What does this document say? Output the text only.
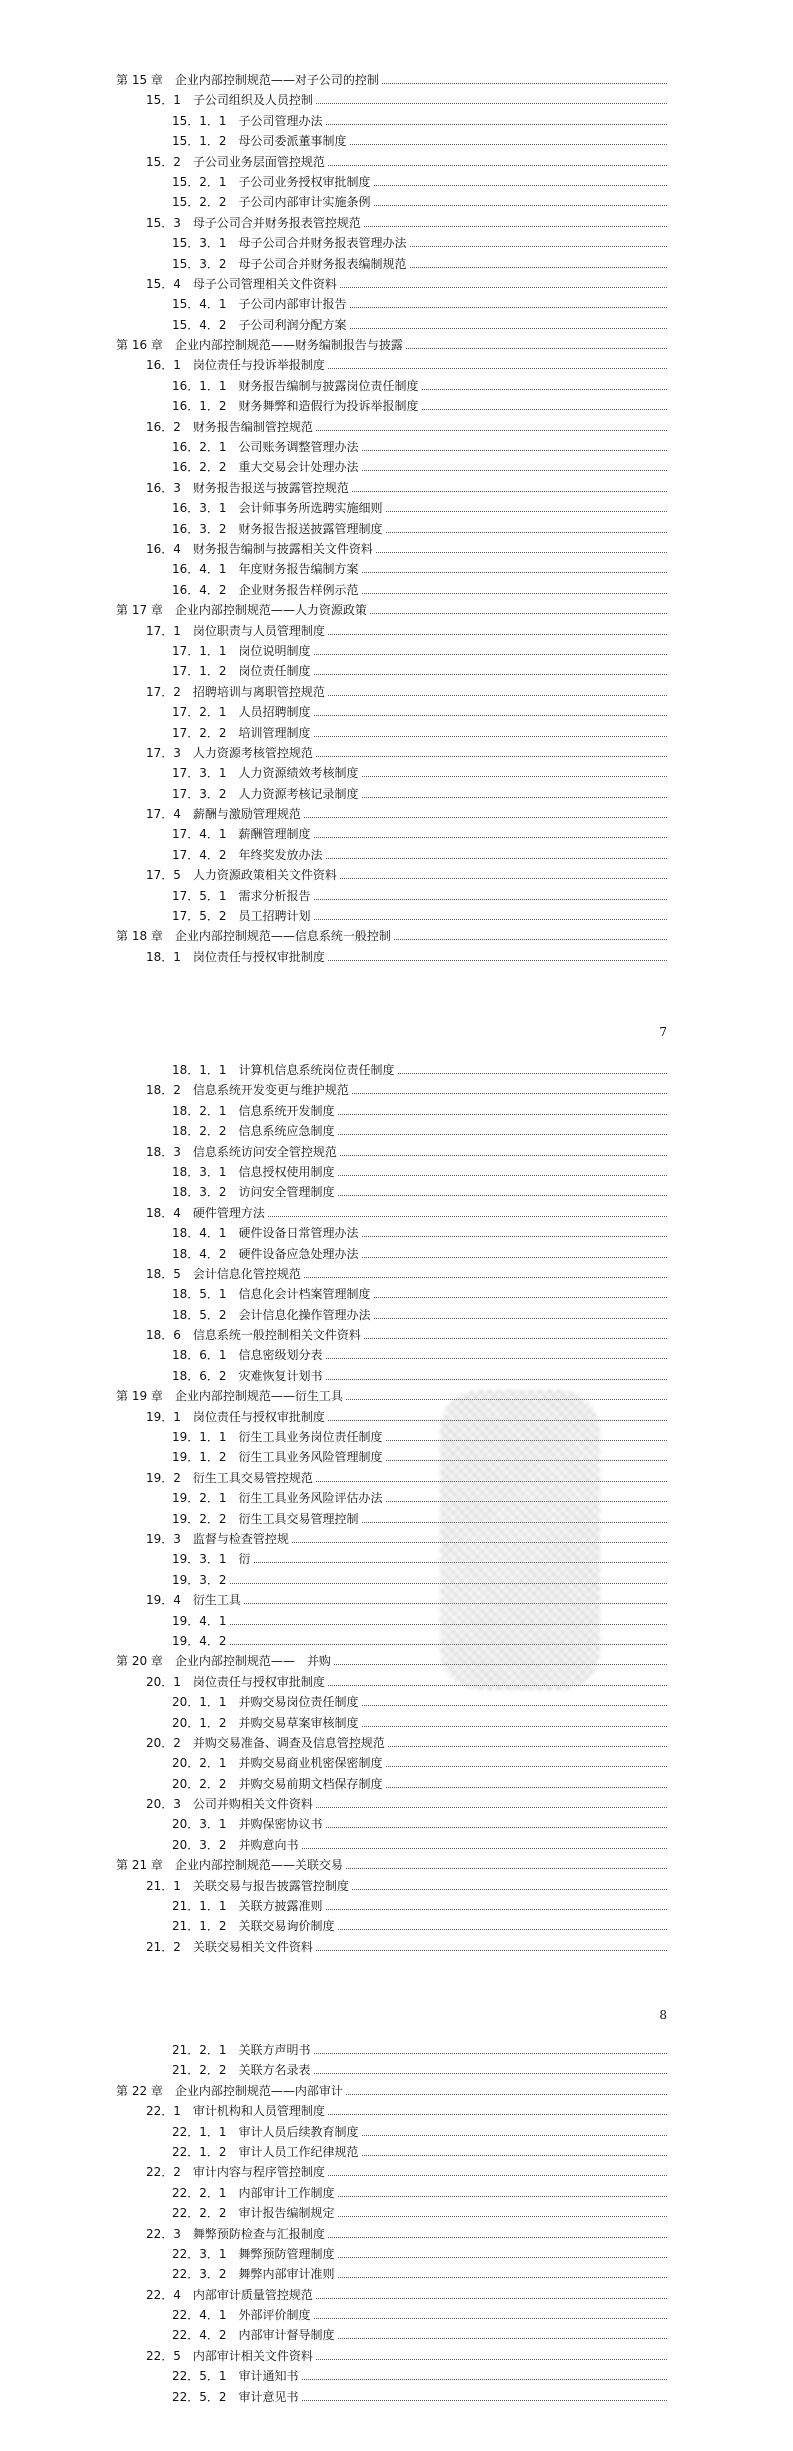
第 15 章　企业内部控制规范——对子公司的控制
15．1　子公司组织及人员控制
15．1．1　子公司管理办法
15．1．2　母公司委派董事制度
15．2　子公司业务层面管控规范
15．2．1　子公司业务授权审批制度
15．2．2　子公司内部审计实施条例
15．3　母子公司合并财务报表管控规范
15．3．1　母子公司合并财务报表管理办法
15．3．2　母子公司合并财务报表编制规范
15．4　母子公司管理相关文件资料
15．4．1　子公司内部审计报告
15．4．2　子公司利润分配方案
第 16 章　企业内部控制规范——财务编制报告与披露
16．1　岗位责任与投诉举报制度
16．1．1　财务报告编制与披露岗位责任制度
16．1．2　财务舞弊和造假行为投诉举报制度
16．2　财务报告编制管控规范
16．2．1　公司账务调整管理办法
16．2．2　重大交易会计处理办法
16．3　财务报告报送与披露管控规范
16．3．1　会计师事务所选聘实施细则
16．3．2　财务报告报送披露管理制度
16．4　财务报告编制与披露相关文件资料
16．4．1　年度财务报告编制方案
16．4．2　企业财务报告样例示范
第 17 章　企业内部控制规范——人力资源政策
17．1　岗位职责与人员管理制度
17．1．1　岗位说明制度
17．1．2　岗位责任制度
17．2　招聘培训与离职管控规范
17．2．1　人员招聘制度
17．2．2　培训管理制度
17．3　人力资源考核管控规范
17．3．1　人力资源绩效考核制度
17．3．2　人力资源考核记录制度
17．4　薪酬与激励管理规范
17．4．1　薪酬管理制度
17．4．2　年终奖发放办法
17．5　人力资源政策相关文件资料
17．5．1　需求分析报告
17．5．2　员工招聘计划
第 18 章　企业内部控制规范——信息系统一般控制
18．1　岗位责任与授权审批制度
7
18．1．1　计算机信息系统岗位责任制度
18．2　信息系统开发变更与维护规范
18．2．1　信息系统开发制度
18．2．2　信息系统应急制度
18．3　信息系统访问安全管控规范
18．3．1　信息授权使用制度
18．3．2　访问安全管理制度
18．4　硬件管理方法
18．4．1　硬件设备日常管理办法
18．4．2　硬件设备应急处理办法
18．5　会计信息化管控规范
18．5．1　信息化会计档案管理制度
18．5．2　会计信息化操作管理办法
18．6　信息系统一般控制相关文件资料
18．6．1　信息密级划分表
18．6．2　灾难恢复计划书
第 19 章　企业内部控制规范——衍生工具
19．1　岗位责任与授权审批制度
19．1．1　衍生工具业务岗位责任制度
19．1．2　衍生工具业务风险管理制度
19．2　衍生工具交易管控规范
19．2．1　衍生工具业务风险评估办法
19．2．2　衍生工具交易管理控制
19．3　监督与检查管控规
19．3．1　衍
19．3．2
19．4　衍生工具
19．4．1
19．4．2
第 20 章　企业内部控制规范——　并购
20．1　岗位责任与授权审批制度
20．1．1　并购交易岗位责任制度
20．1．2　并购交易草案审核制度
20．2　并购交易准备、调查及信息管控规范
20．2．1　并购交易商业机密保密制度
20．2．2　并购交易前期文档保存制度
20．3　公司并购相关文件资料
20．3．1　并购保密协议书
20．3．2　并购意向书
第 21 章　企业内部控制规范——关联交易
21．1　关联交易与报告披露管控制度
21．1．1　关联方披露准则
21．1．2　关联交易询价制度
21．2　关联交易相关文件资料
8
21．2．1　关联方声明书
21．2．2　关联方名录表
第 22 章　企业内部控制规范——内部审计
22．1　审计机构和人员管理制度
22．1．1　审计人员后续教育制度
22．1．2　审计人员工作纪律规范
22．2　审计内容与程序管控制度
22．2．1　内部审计工作制度
22．2．2　审计报告编制规定
22．3　舞弊预防检查与汇报制度
22．3．1　舞弊预防管理制度
22．3．2　舞弊内部审计准则
22．4　内部审计质量管控规范
22．4．1　外部评价制度
22．4．2　内部审计督导制度
22．5　内部审计相关文件资料
22．5．1　审计通知书
22．5．2　审计意见书
